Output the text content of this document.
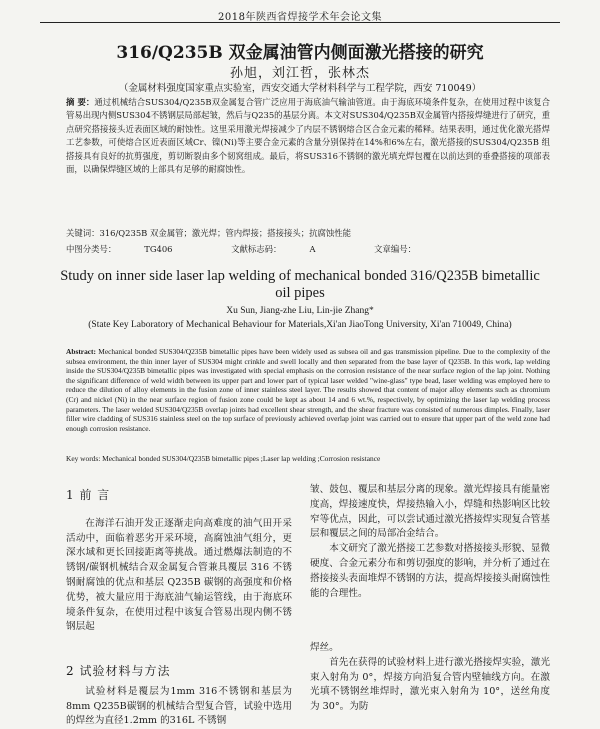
2018年陕西省焊接学术年会论文集
316/Q235B 双金属油管内侧面激光搭接的研究
孙旭，刘江哲，张林杰
（金属材料强度国家重点实验室，西安交通大学材料科学与工程学院，西安 710049）
摘 要：通过机械结合SUS304/Q235B双金属复合管广泛应用于海底油气输油管道。由于海底环境条件复杂，在使用过程中该复合管易出现内侧SUS304不锈钢层局部起皱，然后与Q235的基层分离。本文对SUS304/Q235B双金属管内搭接焊缝进行了研究，重点研究搭接接头近表面区域的耐蚀性。这里采用激光焊接减少了内层不锈钢熔合区合金元素的稀释。结果表明，通过优化激光搭焊工艺参数，可使熔合区近表面区域Cr、镍(Ni)等主要合金元素的含量分别保持在14%和6%左右，激光搭接的SUS304/Q235B 组搭接具有良好的抗剪强度，剪切断裂由多个韧窝组成。最后，将SUS316不锈钢的激光填充焊包覆在以前达到的垂叠搭接的项部表面，以确保焊缝区域的上部具有足够的耐腐蚀性。
关键词：316/Q235B 双金属管；激光焊；管内焊接；搭接接头；抗腐蚀性能
中图分类号：	TG406	文献标志码：	A	文章编号：
Study on inner side laser lap welding of mechanical bonded 316/Q235B bimetallic oil pipes
Xu Sun, Jiang-zhe Liu, Lin-jie Zhang*
(State Key Laboratory of Mechanical Behaviour for Materials,Xi'an JiaoTong University, Xi'an 710049, China)
Abstract: Mechanical bonded SUS304/Q235B bimetallic pipes have been widely used as subsea oil and gas transmission pipeline. Due to the complexity of the subsea environment, the thin inner layer of SUS304 might crinkle and swell locally and then separated from the base layer of Q235B. In this work, lap welding inside the SUS304/Q235B bimetallic pipes was investigated with special emphasis on the corrosion resistance of the near surface region of the lap joint. Nothing the significant difference of weld width between its upper part and lower part of typical laser welded "wine-glass" type bead, laser welding was employed here to reduce the dilution of alloy elements in the fusion zone of inner stainless steel layer. The results showed that content of major alloy elements such as chromium (Cr) and nickel (Ni) in the near surface region of fusion zone could be kept as about 14 and 6 wt.%, respectively, by optimizing the laser lap welding process parameters. The laser welded SUS304/Q235B overlap joints had excellent shear strength, and the shear fracture was consisted of numerous dimples. Finally, laser filler wire cladding of SUS316 stainless steel on the top surface of previously achieved overlap joint was carried out to ensure that upper part of the weld zone had enough corrosion resistance.
Key words: Mechanical bonded SUS304/Q235B bimetallic pipes ;Laser lap welding ;Corrosion resistance

1 前 言

在海洋石油开发正逐渐走向高难度的油气田开采活动中，面临着恶劣开采环境，高腐蚀油气组分，更深水域和更长回接距离等挑战。通过燃爆法制造的不锈钢/碳钢机械结合双金属复合管兼具覆层 316 不锈钢耐腐蚀的优点和基层 Q235B 碳钢的高强度和价格优势，被大量应用于海底油气输运管线，由于海底环境条件复杂，在使用过程中该复合管易出现内侧不锈钢层起

皱、鼓包、覆层和基层分离的现象。激光焊接具有能量密度高，焊接速度快，焊接热输入小，焊缝和热影响区比较窄等优点，因此，可以尝试通过激光搭接焊实现复合管基层和覆层之间的局部冶金结合。

本文研究了激光搭接工艺参数对搭接接头形貌、显微硬度、合金元素分布和剪切强度的影响，并分析了通过在搭接接头表面堆焊不锈钢的方法，提高焊接接头耐腐蚀性能的合理性。

2 试验材料与方法

试验材料是覆层为1mm 316不锈钢和基层为8mm Q235B碳钢的机械结合型复合管，试验中选用的焊丝为直径1.2mm 的316L 不锈钢

焊丝。

首先在获得的试验材料上进行激光搭接焊实验，激光束入射角为 0°，焊接方向沿复合管内壁轴线方向。在激光填不锈钢丝堆焊时，激光束入射角为 10°，送丝角度为 30°。为防
